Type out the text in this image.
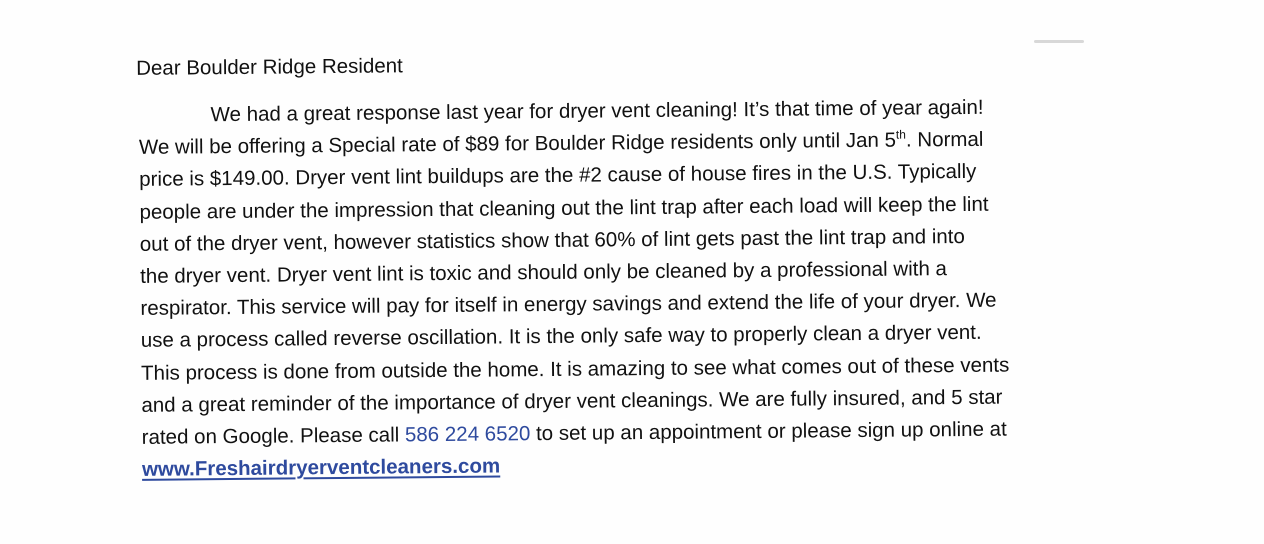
Dear Boulder Ridge Resident
We had a great response last year for dryer vent cleaning! It’s that time of year again!
We will be offering a Special rate of $89 for Boulder Ridge residents only until Jan 5th. Normal
price is $149.00. Dryer vent lint buildups are the #2 cause of house fires in the U.S. Typically
people are under the impression that cleaning out the lint trap after each load will keep the lint
out of the dryer vent, however statistics show that 60% of lint gets past the lint trap and into
the dryer vent. Dryer vent lint is toxic and should only be cleaned by a professional with a
respirator. This service will pay for itself in energy savings and extend the life of your dryer. We
use a process called reverse oscillation. It is the only safe way to properly clean a dryer vent.
This process is done from outside the home. It is amazing to see what comes out of these vents
and a great reminder of the importance of dryer vent cleanings. We are fully insured, and 5 star
rated on Google. Please call 586 224 6520 to set up an appointment or please sign up online at
www.Freshairdryerventcleaners.com
